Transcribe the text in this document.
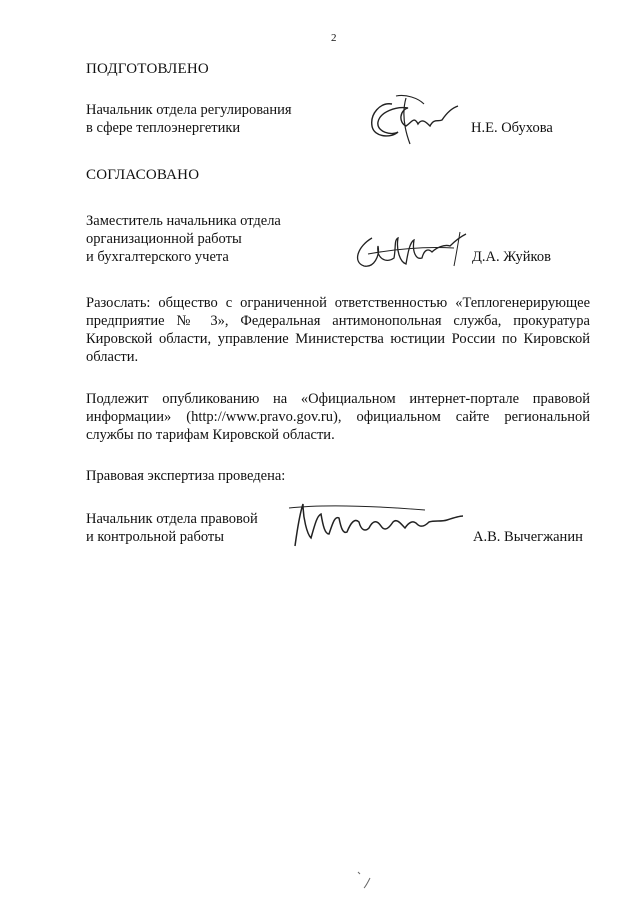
2
ПОДГОТОВЛЕНО
Начальник отдела регулирования
в сфере теплоэнергетики	Н.Е. Обухова
СОГЛАСОВАНО
Заместитель начальника отдела
организационной работы
и бухгалтерского учета	Д.А. Жуйков
Разослать: общество с ограниченной ответственностью «Теплогенерирующее предприятие № 3», Федеральная антимонопольная служба, прокуратура Кировской области, управление Министерства юстиции России по Кировской области.
Подлежит опубликованию на «Официальном интернет-портале правовой информации» (http://www.pravo.gov.ru), официальном сайте региональной службы по тарифам Кировской области.
Правовая экспертиза проведена:
Начальник отдела правовой
и контрольной работы	А.В. Вычегжанин
